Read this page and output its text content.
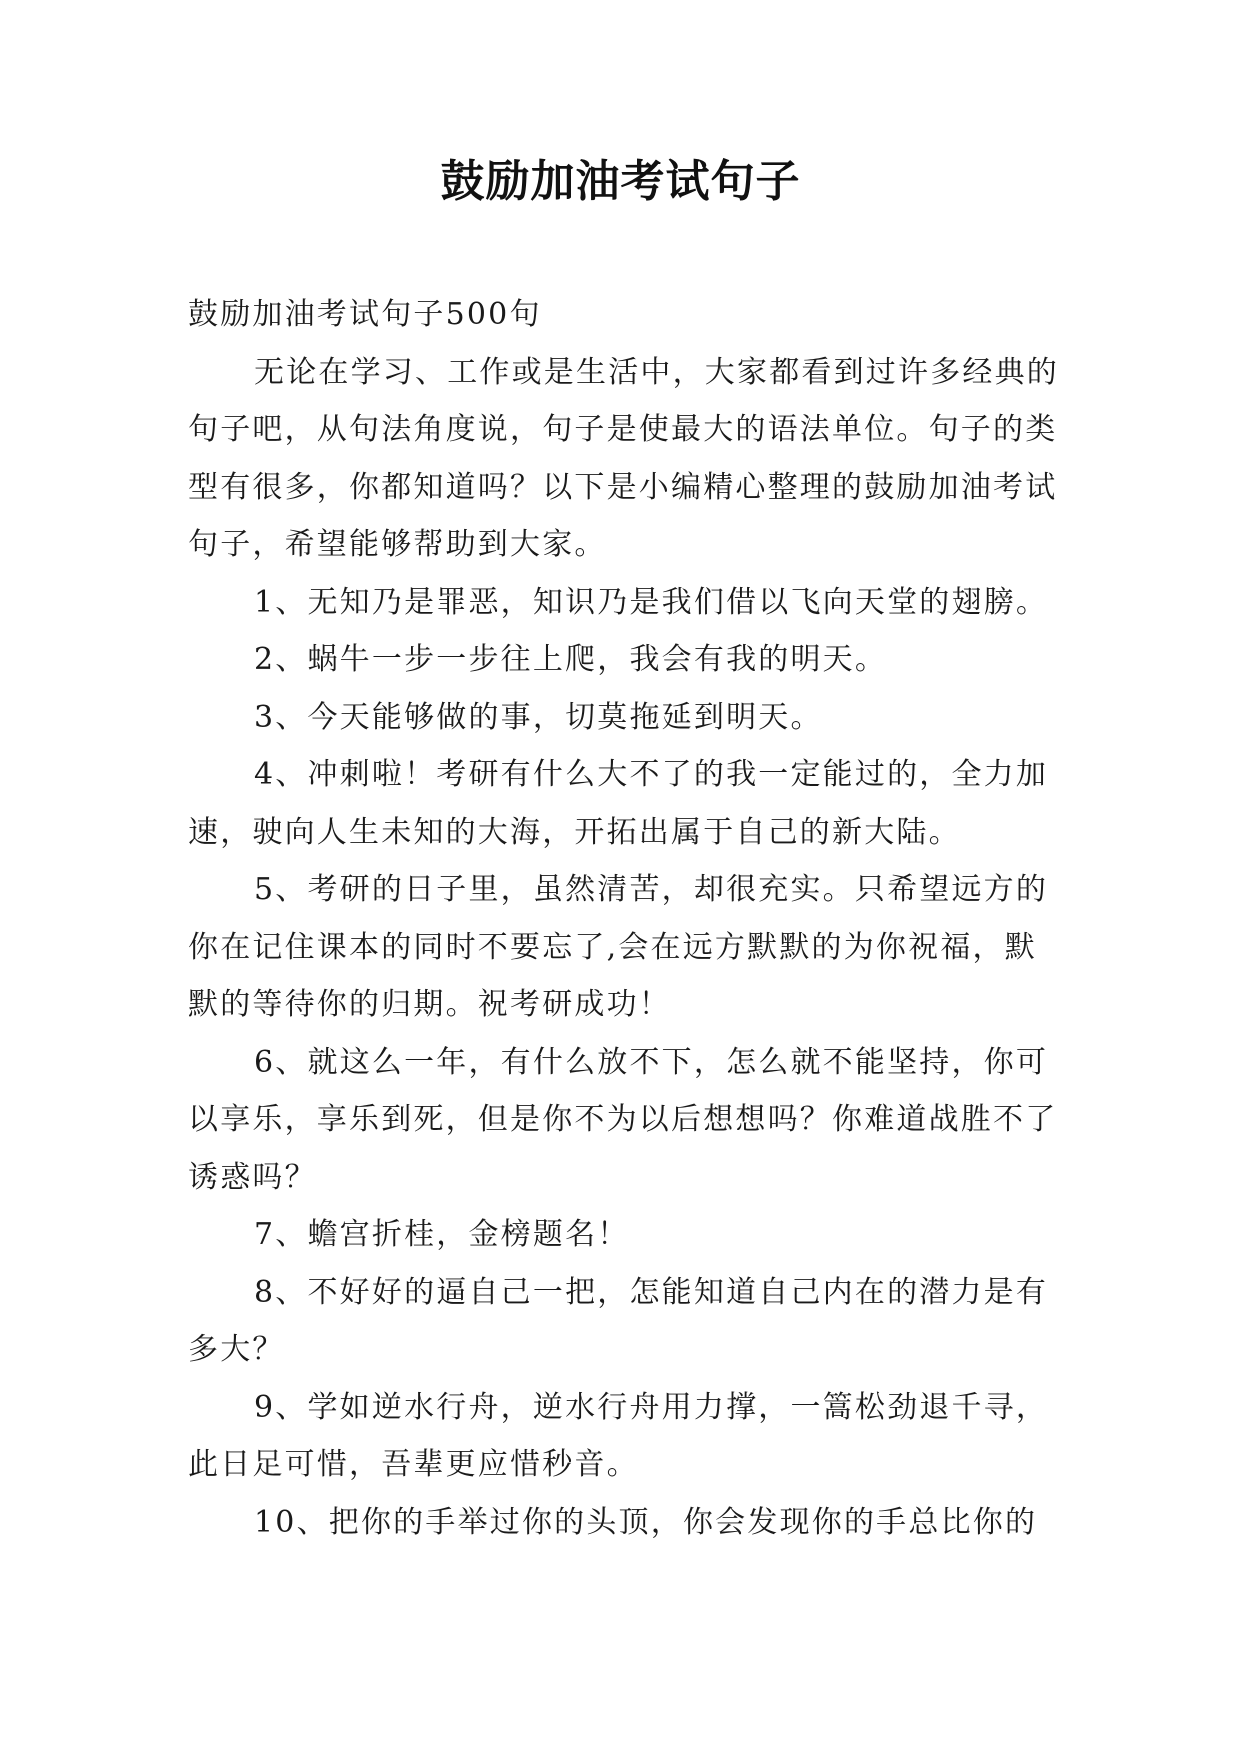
鼓励加油考试句子

鼓励加油考试句子500句

无论在学习、工作或是生活中，大家都看到过许多经典的句子吧，从句法角度说，句子是使最大的语法单位。句子的类型有很多，你都知道吗？以下是小编精心整理的鼓励加油考试句子，希望能够帮助到大家。

1、无知乃是罪恶，知识乃是我们借以飞向天堂的翅膀。

2、蜗牛一步一步往上爬，我会有我的明天。

3、今天能够做的事，切莫拖延到明天。

4、冲刺啦！考研有什么大不了的我一定能过的，全力加速，驶向人生未知的大海，开拓出属于自己的新大陆。

5、考研的日子里，虽然清苦，却很充实。只希望远方的你在记住课本的同时不要忘了,会在远方默默的为你祝福，默默的等待你的归期。祝考研成功！

6、就这么一年，有什么放不下，怎么就不能坚持，你可以享乐，享乐到死，但是你不为以后想想吗？你难道战胜不了诱惑吗？

7、蟾宫折桂，金榜题名！

8、不好好的逼自己一把，怎能知道自己内在的潜力是有多大？

9、学如逆水行舟，逆水行舟用力撑，一篙松劲退千寻，此日足可惜，吾辈更应惜秒音。

10、把你的手举过你的头顶，你会发现你的手总比你的
